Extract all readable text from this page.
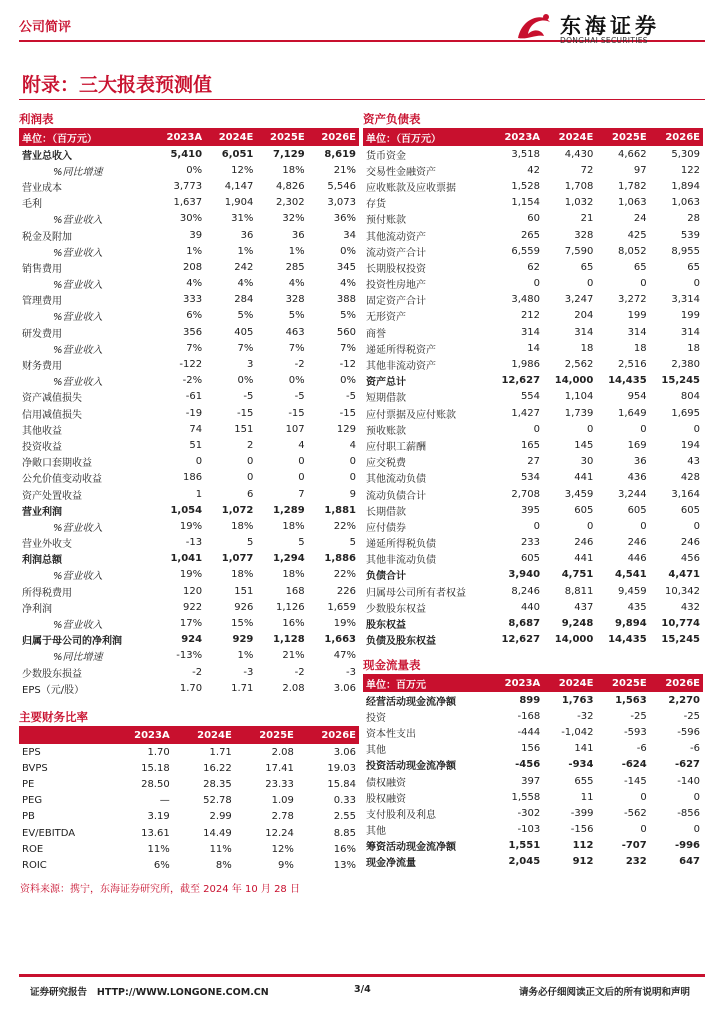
公司简评	东海证券
DONGHAI SECURITIES
附录：三大报表预测值
利润表
单位：（百万元）	2023A	2024E	2025E	2026E
营业总收入	5,410	6,051	7,129	8,619
%同比增速	0%	12%	18%	21%
营业成本	3,773	4,147	4,826	5,546
毛利	1,637	1,904	2,302	3,073
%营业收入	30%	31%	32%	36%
税金及附加	39	36	36	34
%营业收入	1%	1%	1%	0%
销售费用	208	242	285	345
%营业收入	4%	4%	4%	4%
管理费用	333	284	328	388
%营业收入	6%	5%	5%	5%
研发费用	356	405	463	560
%营业收入	7%	7%	7%	7%
财务费用	-122	3	-2	-12
%营业收入	-2%	0%	0%	0%
资产减值损失	-61	-5	-5	-5
信用减值损失	-19	-15	-15	-15
其他收益	74	151	107	129
投资收益	51	2	4	4
净敞口套期收益	0	0	0	0
公允价值变动收益	186	0	0	0
资产处置收益	1	6	7	9
营业利润	1,054	1,072	1,289	1,881
%营业收入	19%	18%	18%	22%
营业外收支	-13	5	5	5
利润总额	1,041	1,077	1,294	1,886
%营业收入	19%	18%	18%	22%
所得税费用	120	151	168	226
净利润	922	926	1,126	1,659
%营业收入	17%	15%	16%	19%
归属于母公司的净利润	924	929	1,128	1,663
%同比增速	-13%	1%	21%	47%
少数股东损益	-2	-3	-2	-3
EPS（元/股）	1.70	1.71	2.08	3.06
主要财务比率
	2023A	2024E	2025E	2026E
EPS	1.70	1.71	2.08	3.06
BVPS	15.18	16.22	17.41	19.03
PE	28.50	28.35	23.33	15.84
PEG	—	52.78	1.09	0.33
PB	3.19	2.99	2.78	2.55
EV/EBITDA	13.61	14.49	12.24	8.85
ROE	11%	11%	12%	16%
ROIC	6%	8%	9%	13%
资产负债表
单位：（百万元）	2023A	2024E	2025E	2026E
货币资金	3,518	4,430	4,662	5,309
交易性金融资产	42	72	97	122
应收账款及应收票据	1,528	1,708	1,782	1,894
存货	1,154	1,032	1,063	1,063
预付账款	60	21	24	28
其他流动资产	265	328	425	539
流动资产合计	6,559	7,590	8,052	8,955
长期股权投资	62	65	65	65
投资性房地产	0	0	0	0
固定资产合计	3,480	3,247	3,272	3,314
无形资产	212	204	199	199
商誉	314	314	314	314
递延所得税资产	14	18	18	18
其他非流动资产	1,986	2,562	2,516	2,380
资产总计	12,627	14,000	14,435	15,245
短期借款	554	1,104	954	804
应付票据及应付账款	1,427	1,739	1,649	1,695
预收账款	0	0	0	0
应付职工薪酬	165	145	169	194
应交税费	27	30	36	43
其他流动负债	534	441	436	428
流动负债合计	2,708	3,459	3,244	3,164
长期借款	395	605	605	605
应付债券	0	0	0	0
递延所得税负债	233	246	246	246
其他非流动负债	605	441	446	456
负债合计	3,940	4,751	4,541	4,471
归属母公司所有者权益	8,246	8,811	9,459	10,342
少数股东权益	440	437	435	432
股东权益	8,687	9,248	9,894	10,774
负债及股东权益	12,627	14,000	14,435	15,245
现金流量表
单位：百万元	2023A	2024E	2025E	2026E
经营活动现金流净额	899	1,763	1,563	2,270
投资	-168	-32	-25	-25
资本性支出	-444	-1,042	-593	-596
其他	156	141	-6	-6
投资活动现金流净额	-456	-934	-624	-627
债权融资	397	655	-145	-140
股权融资	1,558	11	0	0
支付股利及利息	-302	-399	-562	-856
其他	-103	-156	0	0
筹资活动现金流净额	1,551	112	-707	-996
现金净流量	2,045	912	232	647
资料来源：携宁，东海证券研究所，截至 2024 年 10 月 28 日
证券研究报告   HTTP://WWW.LONGONE.COM.CN	3/4	请务必仔细阅读正文后的所有说明和声明
